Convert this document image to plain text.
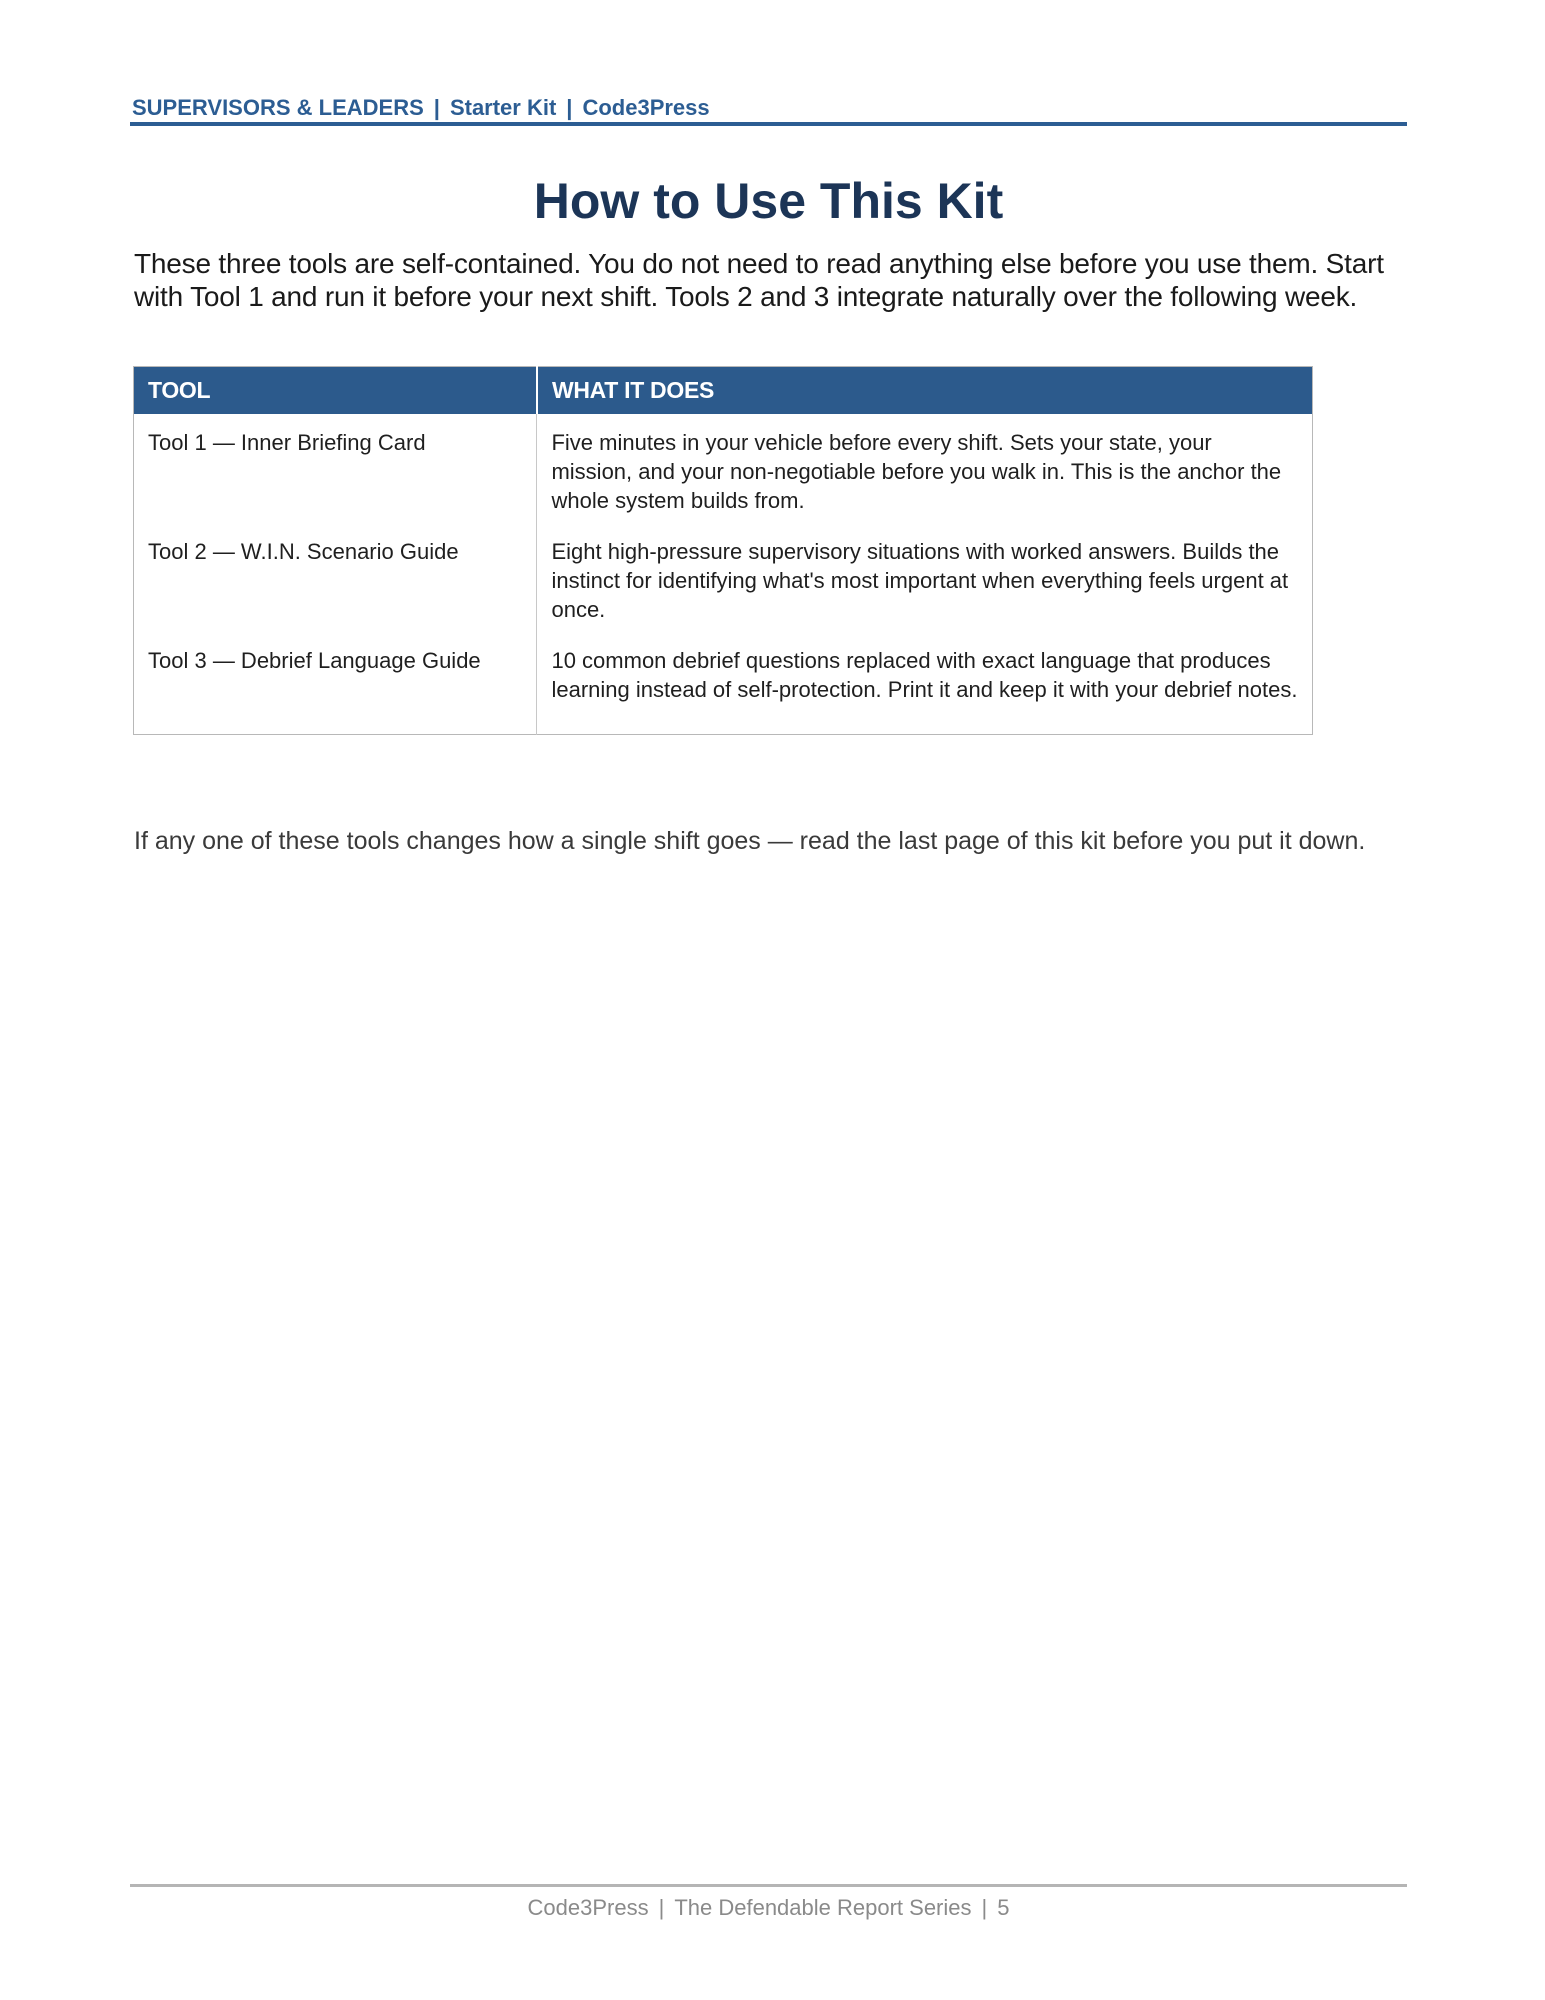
SUPERVISORS & LEADERS | Starter Kit | Code3Press
How to Use This Kit

These three tools are self-contained. You do not need to read anything else before you use them. Start with Tool 1 and run it before your next shift. Tools 2 and 3 integrate naturally over the following week.

TOOL	WHAT IT DOES
Tool 1 — Inner Briefing Card	Five minutes in your vehicle before every shift. Sets your state, your mission, and your non-negotiable before you walk in. This is the anchor the whole system builds from.
Tool 2 — W.I.N. Scenario Guide	Eight high-pressure supervisory situations with worked answers. Builds the instinct for identifying what's most important when everything feels urgent at once.
Tool 3 — Debrief Language Guide	10 common debrief questions replaced with exact language that produces learning instead of self-protection. Print it and keep it with your debrief notes.

If any one of these tools changes how a single shift goes — read the last page of this kit before you put it down.

Code3Press | The Defendable Report Series | 5
